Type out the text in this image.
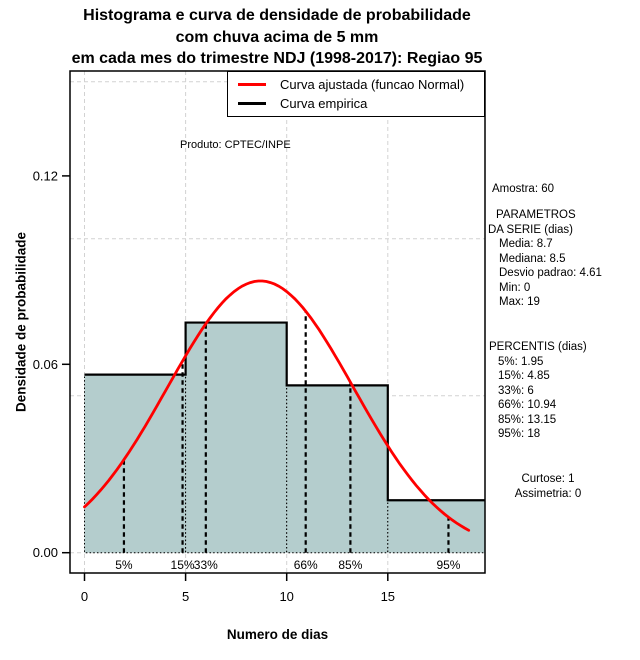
0.00
0.06
0.12
0	5	10	15
5%	15% 33%	66% 85%	95%
Histograma e curva de densidade de probabilidade
com chuva acima de 5 mm
em cada mes do trimestre NDJ (1998-2017): Regiao 95
Densidade de probabilidade
Numero de dias
Produto: CPTEC/INPE
Curva ajustada (funcao Normal)
Curva empirica
Amostra: 60
PARAMETROS
DA SERIE (dias)
Media: 8.7
Mediana: 8.5
Desvio padrao: 4.61
Min: 0
Max: 19
PERCENTIS (dias)
5%: 1.95
15%: 4.85
33%: 6
66%: 10.94
85%: 13.15
95%: 18
Curtose: 1
Assimetria: 0
